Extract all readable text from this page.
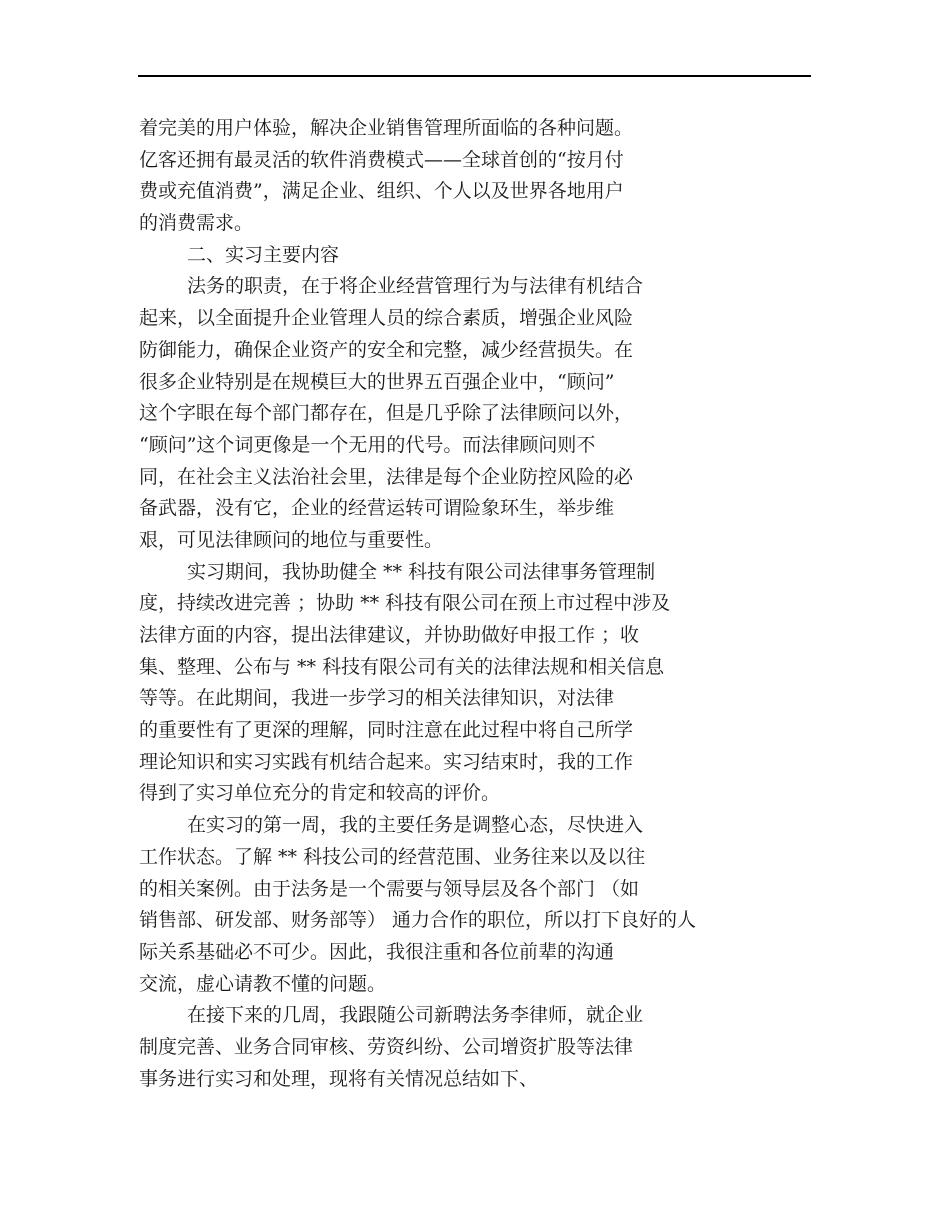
着完美的用户体验，解决企业销售管理所面临的各种问题。
亿客还拥有最灵活的软件消费模式——全球首创的“按月付
费或充值消费”，满足企业、组织、个人以及世界各地用户
的消费需求。
二、实习主要内容
法务的职责，在于将企业经营管理行为与法律有机结合
起来，以全面提升企业管理人员的综合素质，增强企业风险
防御能力，确保企业资产的安全和完整，减少经营损失。在
很多企业特别是在规模巨大的世界五百强企业中，“顾问”
这个字眼在每个部门都存在，但是几乎除了法律顾问以外，
“顾问”这个词更像是一个无用的代号。而法律顾问则不
同，在社会主义法治社会里，法律是每个企业防控风险的必
备武器，没有它，企业的经营运转可谓险象环生，举步维
艰，可见法律顾问的地位与重要性。
实习期间，我协助健全 ** 科技有限公司法律事务管理制
度，持续改进完善 ；协助 ** 科技有限公司在预上市过程中涉及
法律方面的内容，提出法律建议，并协助做好申报工作 ；收
集、整理、公布与 ** 科技有限公司有关的法律法规和相关信息
等等。在此期间，我进一步学习的相关法律知识，对法律
的重要性有了更深的理解，同时注意在此过程中将自己所学
理论知识和实习实践有机结合起来。实习结束时，我的工作
得到了实习单位充分的肯定和较高的评价。
在实习的第一周，我的主要任务是调整心态，尽快进入
工作状态。了解 ** 科技公司的经营范围、业务往来以及以往
的相关案例。由于法务是一个需要与领导层及各个部门 （如
销售部、研发部、财务部等） 通力合作的职位，所以打下良好的人
际关系基础必不可少。因此，我很注重和各位前辈的沟通
交流，虚心请教不懂的问题。
在接下来的几周，我跟随公司新聘法务李律师，就企业
制度完善、业务合同审核、劳资纠纷、公司增资扩股等法律
事务进行实习和处理，现将有关情况总结如下、
